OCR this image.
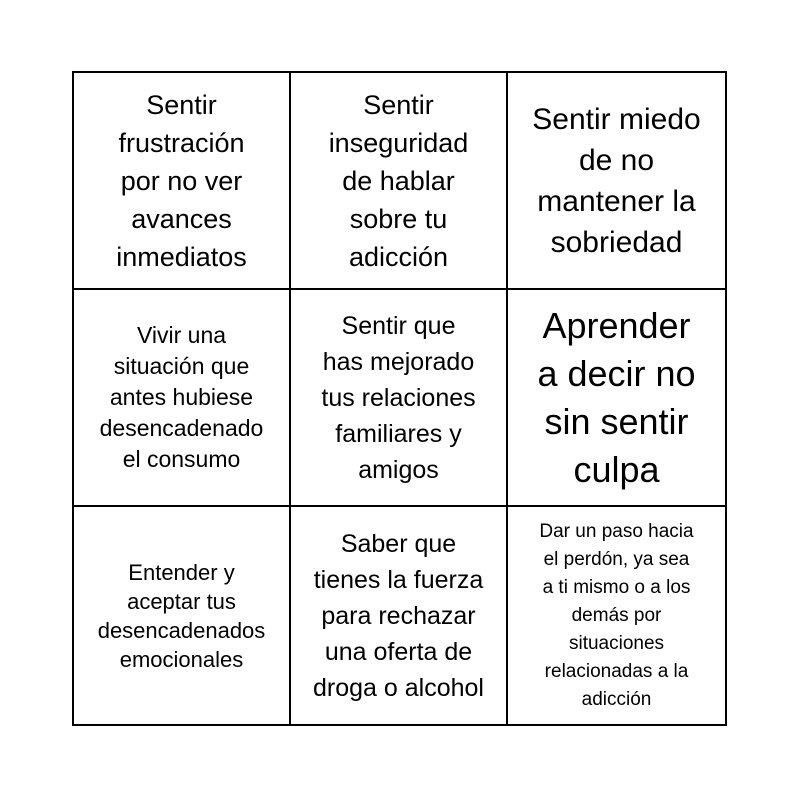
Sentir
frustración
por no ver
avances
inmediatos
Sentir
inseguridad
de hablar
sobre tu
adicción
Sentir miedo
de no
mantener la
sobriedad
Vivir una
situación que
antes hubiese
desencadenado
el consumo
Sentir que
has mejorado
tus relaciones
familiares y
amigos
Aprender
a decir no
sin sentir
culpa
Entender y
aceptar tus
desencadenados
emocionales
Saber que
tienes la fuerza
para rechazar
una oferta de
droga o alcohol
Dar un paso hacia
el perdón, ya sea
a ti mismo o a los
demás por
situaciones
relacionadas a la
adicción
